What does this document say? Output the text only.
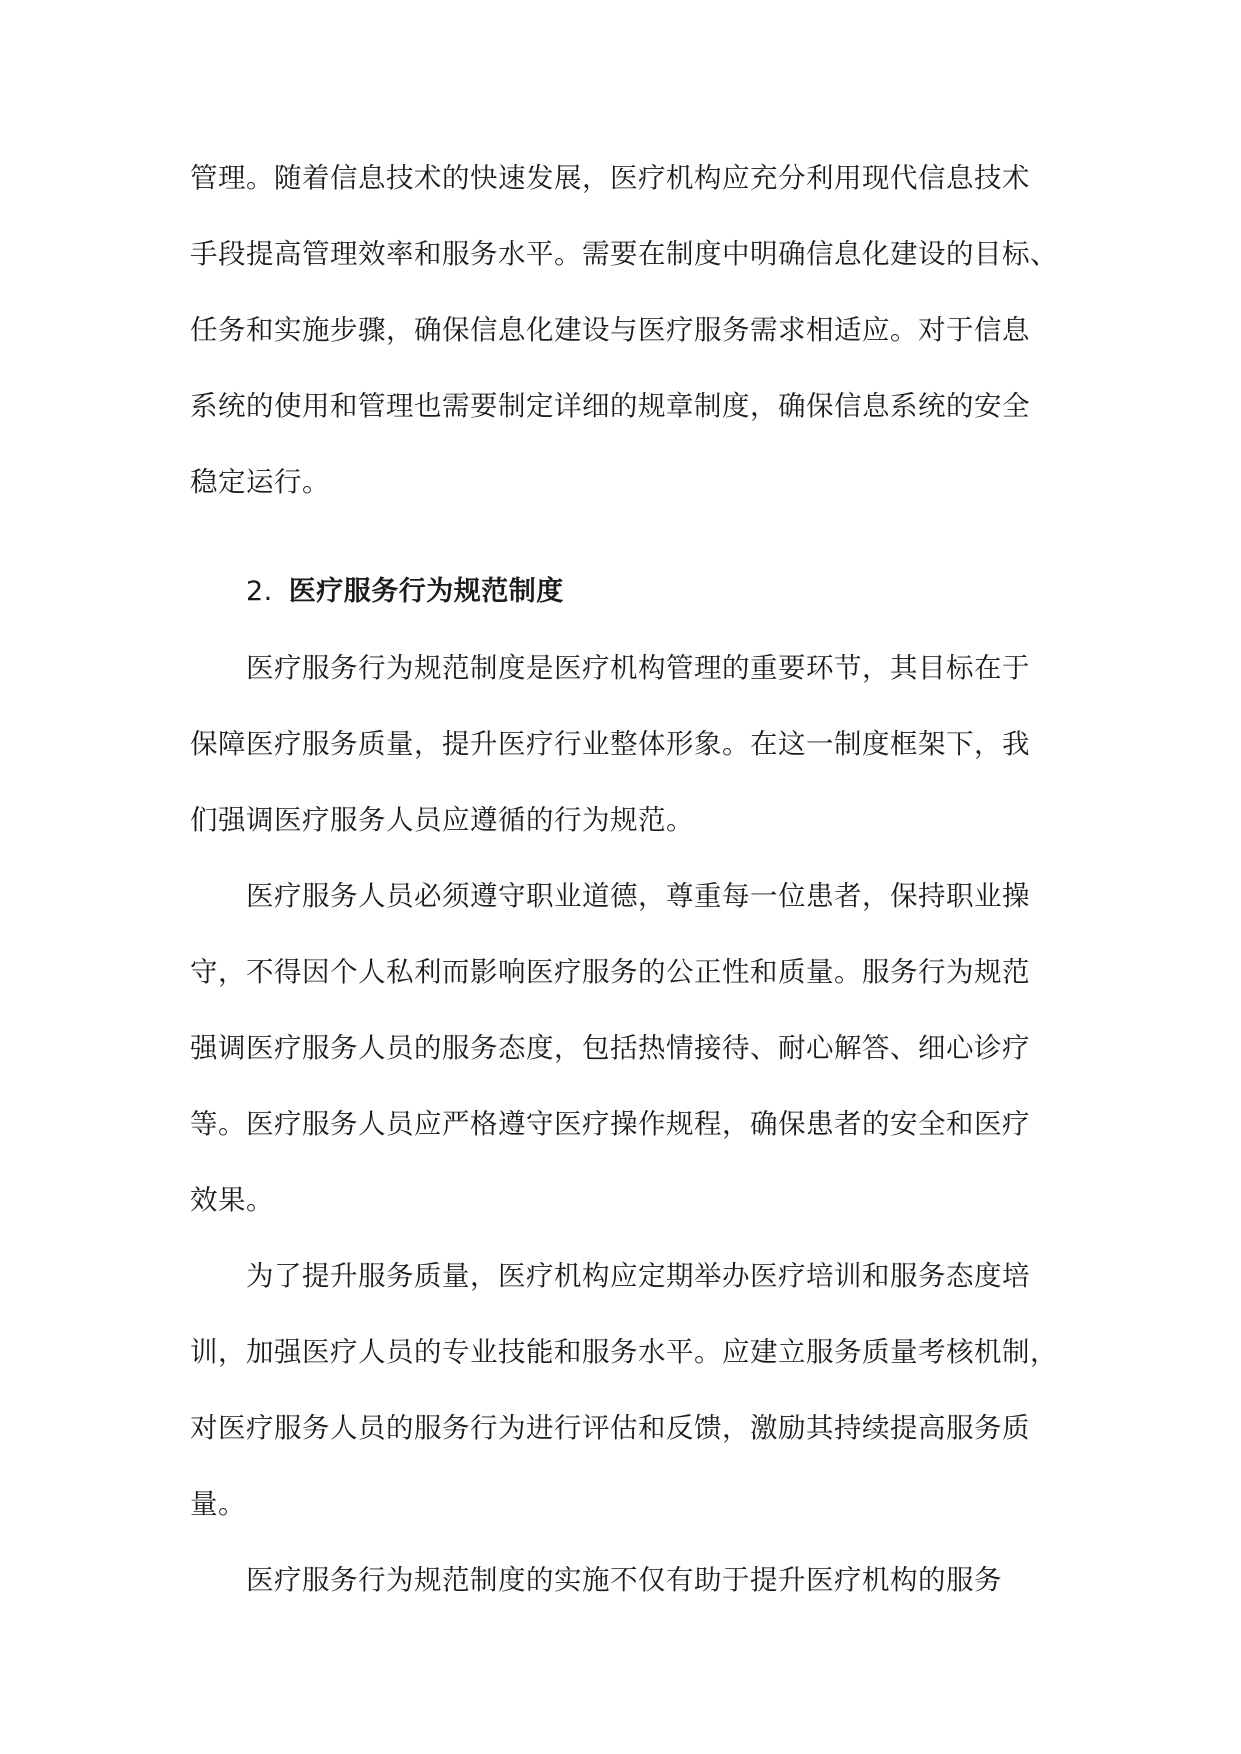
管理。随着信息技术的快速发展，医疗机构应充分利用现代信息技术
手段提高管理效率和服务水平。需要在制度中明确信息化建设的目标、
任务和实施步骤，确保信息化建设与医疗服务需求相适应。对于信息
系统的使用和管理也需要制定详细的规章制度，确保信息系统的安全
稳定运行。
2. 医疗服务行为规范制度
医疗服务行为规范制度是医疗机构管理的重要环节，其目标在于
保障医疗服务质量，提升医疗行业整体形象。在这一制度框架下，我
们强调医疗服务人员应遵循的行为规范。
医疗服务人员必须遵守职业道德，尊重每一位患者，保持职业操
守，不得因个人私利而影响医疗服务的公正性和质量。服务行为规范
强调医疗服务人员的服务态度，包括热情接待、耐心解答、细心诊疗
等。医疗服务人员应严格遵守医疗操作规程，确保患者的安全和医疗
效果。
为了提升服务质量，医疗机构应定期举办医疗培训和服务态度培
训，加强医疗人员的专业技能和服务水平。应建立服务质量考核机制，
对医疗服务人员的服务行为进行评估和反馈，激励其持续提高服务质
量。
医疗服务行为规范制度的实施不仅有助于提升医疗机构的服务
